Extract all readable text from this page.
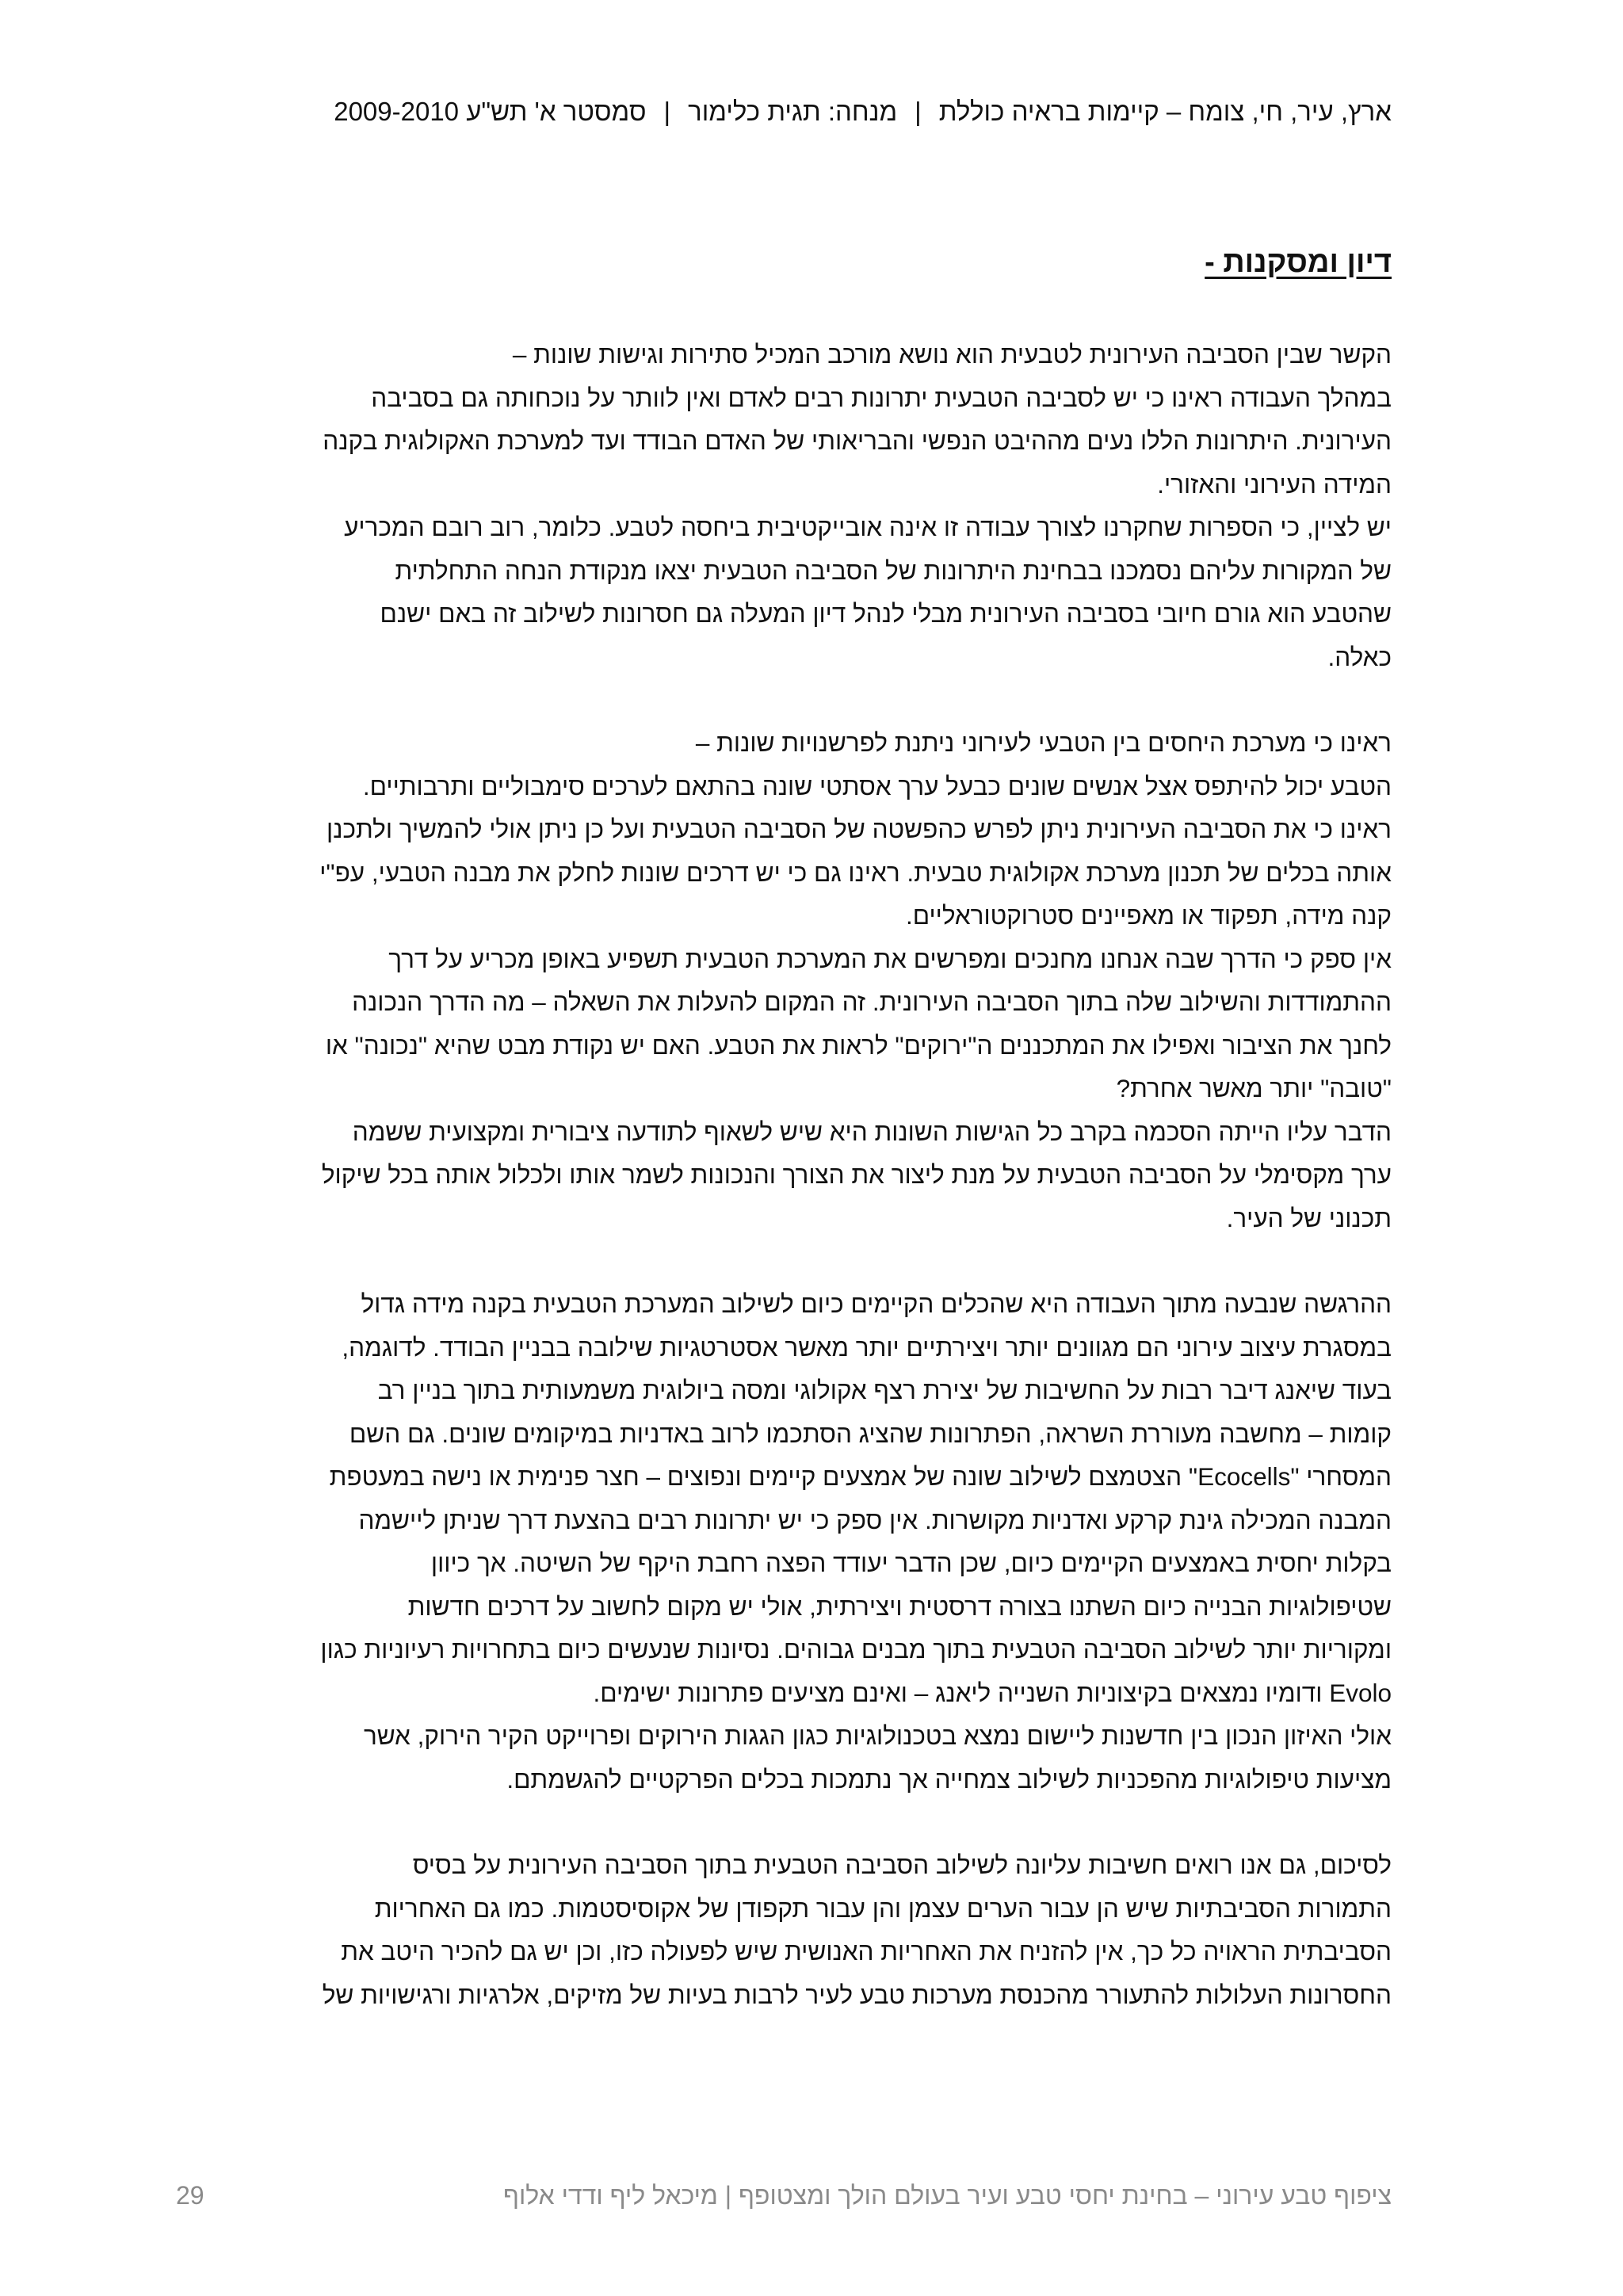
ארץ, עיר, חי, צומח – קיימות בראיה כוללת|מנחה: תגית כלימור|סמסטר א' תש"ע 2009-2010
דיון ומסקנות -

הקשר שבין הסביבה העירונית לטבעית הוא נושא מורכב המכיל סתירות וגישות שונות –
במהלך העבודה ראינו כי יש לסביבה הטבעית יתרונות רבים לאדם ואין לוותר על נוכחותה גם בסביבה
העירונית. היתרונות הללו נעים מההיבט הנפשי והבריאותי של האדם הבודד ועד למערכת האקולוגית בקנה
המידה העירוני והאזורי.
יש לציין, כי הספרות שחקרנו לצורך עבודה זו אינה אובייקטיבית ביחסה לטבע. כלומר, רוב רובם המכריע
של המקורות עליהם נסמכנו בבחינת היתרונות של הסביבה הטבעית יצאו מנקודת הנחה התחלתית
שהטבע הוא גורם חיובי בסביבה העירונית מבלי לנהל דיון המעלה גם חסרונות לשילוב זה באם ישנם
כאלה.

ראינו כי מערכת היחסים בין הטבעי לעירוני ניתנת לפרשנויות שונות –
הטבע יכול להיתפס אצל אנשים שונים כבעל ערך אסתטי שונה בהתאם לערכים סימבוליים ותרבותיים.
ראינו כי את הסביבה העירונית ניתן לפרש כהפשטה של הסביבה הטבעית ועל כן ניתן אולי להמשיך ולתכנן
אותה בכלים של תכנון מערכת אקולוגית טבעית. ראינו גם כי יש דרכים שונות לחלק את מבנה הטבעי, עפ"י
קנה מידה, תפקוד או מאפיינים סטרוקטוראליים.
אין ספק כי הדרך שבה אנחנו מחנכים ומפרשים את המערכת הטבעית תשפיע באופן מכריע על דרך
ההתמודדות והשילוב שלה בתוך הסביבה העירונית. זה המקום להעלות את השאלה – מה הדרך הנכונה
לחנך את הציבור ואפילו את המתכננים ה"ירוקים" לראות את הטבע. האם יש נקודת מבט שהיא "נכונה" או
"טובה" יותר מאשר אחרת?
הדבר עליו הייתה הסכמה בקרב כל הגישות השונות היא שיש לשאוף לתודעה ציבורית ומקצועית ששמה
ערך מקסימלי על הסביבה הטבעית על מנת ליצור את הצורך והנכונות לשמר אותו ולכלול אותה בכל שיקול
תכנוני של העיר.

ההרגשה שנבעה מתוך העבודה היא שהכלים הקיימים כיום לשילוב המערכת הטבעית בקנה מידה גדול
במסגרת עיצוב עירוני הם מגוונים יותר ויצירתיים יותר מאשר אסטרטגיות שילובה בבניין הבודד. לדוגמה,
בעוד שיאנג דיבר רבות על החשיבות של יצירת רצף אקולוגי ומסה ביולוגית משמעותית בתוך בניין רב
קומות – מחשבה מעוררת השראה, הפתרונות שהציג הסתכמו לרוב באדניות במיקומים שונים. גם השם
המסחרי "Ecocells" הצטמצם לשילוב שונה של אמצעים קיימים ונפוצים – חצר פנימית או נישה במעטפת
המבנה המכילה גינת קרקע ואדניות מקושרות. אין ספק כי יש יתרונות רבים בהצעת דרך שניתן ליישמה
בקלות יחסית באמצעים הקיימים כיום, שכן הדבר יעודד הפצה רחבת היקף של השיטה. אך כיוון
שטיפולוגיות הבנייה כיום השתנו בצורה דרסטית ויצירתית, אולי יש מקום לחשוב על דרכים חדשות
ומקוריות יותר לשילוב הסביבה הטבעית בתוך מבנים גבוהים. נסיונות שנעשים כיום בתחרויות רעיוניות כגון
Evolo ודומיו נמצאים בקיצוניות השנייה ליאנג – ואינם מציעים פתרונות ישימים.
אולי האיזון הנכון בין חדשנות ליישום נמצא בטכנולוגיות כגון הגגות הירוקים ופרוייקט הקיר הירוק, אשר
מציעות טיפולוגיות מהפכניות לשילוב צמחייה אך נתמכות בכלים הפרקטיים להגשמתם.

לסיכום, גם אנו רואים חשיבות עליונה לשילוב הסביבה הטבעית בתוך הסביבה העירונית על בסיס
התמורות הסביבתיות שיש הן עבור הערים עצמן והן עבור תקפודן של אקוסיסטמות. כמו גם האחריות
הסביבתית הראויה כל כך, אין להזניח את האחריות האנושית שיש לפעולה כזו, וכן יש גם להכיר היטב את
החסרונות העלולות להתעורר מהכנסת מערכות טבע לעיר לרבות בעיות של מזיקים, אלרגיות ורגישויות של

ציפוף טבע עירוני – בחינת יחסי טבע ועיר בעולם הולך ומצטופף | מיכאל ליף ודדי אלוף
29
